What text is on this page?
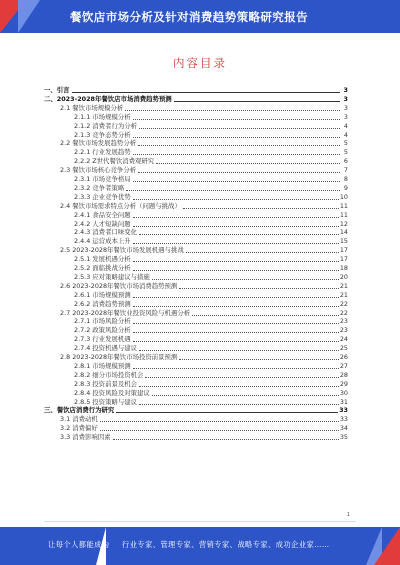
餐饮店市场分析及针对消费趋势策略研究报告
内容目录
一、引言	3
二、2023-2028年餐饮店市场消费趋势预测	3
2.1 餐饮市场规模分析	3
2.1.1 市场规模分析	3
2.1.2 消费者行为分析	4
2.1.3 竞争态势分析	4
2.2 餐饮市场发展趋势分析	5
2.2.1 行业发展趋势	5
2.2.2 Z世代餐饮消费观研究	6
2.3 餐饮市场核心竞争分析	7
2.3.1 市场竞争格局	8
2.3.2 竞争者策略	9
2.3.3 企业竞争优势	10
2.4 餐饮市场需求特点分析（问题与挑战）	11
2.4.1 食品安全问题	11
2.4.2 人才短缺问题	12
2.4.3 消费者口味变化	14
2.4.4 运营成本上升	15
2.5 2023-2028年餐饮市场发展机遇与挑战	17
2.5.1 发展机遇分析	17
2.5.2 面临挑战分析	18
2.5.3 应对策略建议与措施	20
2.6 2023-2028年餐饮市场消费趋势预测	21
2.6.1 市场规模预测	21
2.6.2 消费趋势预测	22
2.7 2023-2028年餐饮业投资风险与机遇分析	22
2.7.1 市场风险分析	23
2.7.2 政策风险分析	23
2.7.3 行业发展机遇	24
2.7.4 投资机遇与建议	25
2.8 2023-2028年餐饮市场投资前景预测	26
2.8.1 市场规模预测	27
2.8.2 细分市场投资机会	28
2.8.3 投资前景及机会	29
2.8.4 投资风险及对策建议	30
2.8.5 投资策略与建议	31
三、餐饮店消费行为研究	33
3.1 消费动机	33
3.2 消费偏好	34
3.3 消费影响因素	35
1
让每个人都能成为 行业专家、管理专家、营销专家、战略专家、成功企业家……
